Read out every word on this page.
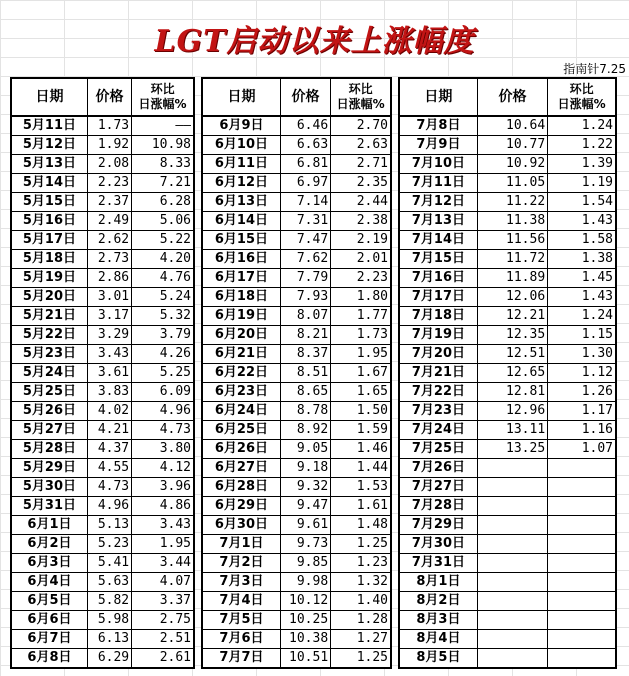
LGT启动以来上涨幅度
指南针7.25
日期	价格	环比
日涨幅%
5月11日	1.73	——
5月12日	1.92	10.98
5月13日	2.08	8.33
5月14日	2.23	7.21
5月15日	2.37	6.28
5月16日	2.49	5.06
5月17日	2.62	5.22
5月18日	2.73	4.20
5月19日	2.86	4.76
5月20日	3.01	5.24
5月21日	3.17	5.32
5月22日	3.29	3.79
5月23日	3.43	4.26
5月24日	3.61	5.25
5月25日	3.83	6.09
5月26日	4.02	4.96
5月27日	4.21	4.73
5月28日	4.37	3.80
5月29日	4.55	4.12
5月30日	4.73	3.96
5月31日	4.96	4.86
6月1日	5.13	3.43
6月2日	5.23	1.95
6月3日	5.41	3.44
6月4日	5.63	4.07
6月5日	5.82	3.37
6月6日	5.98	2.75
6月7日	6.13	2.51
6月8日	6.29	2.61
日期	价格	环比
日涨幅%
6月9日	6.46	2.70
6月10日	6.63	2.63
6月11日	6.81	2.71
6月12日	6.97	2.35
6月13日	7.14	2.44
6月14日	7.31	2.38
6月15日	7.47	2.19
6月16日	7.62	2.01
6月17日	7.79	2.23
6月18日	7.93	1.80
6月19日	8.07	1.77
6月20日	8.21	1.73
6月21日	8.37	1.95
6月22日	8.51	1.67
6月23日	8.65	1.65
6月24日	8.78	1.50
6月25日	8.92	1.59
6月26日	9.05	1.46
6月27日	9.18	1.44
6月28日	9.32	1.53
6月29日	9.47	1.61
6月30日	9.61	1.48
7月1日	9.73	1.25
7月2日	9.85	1.23
7月3日	9.98	1.32
7月4日	10.12	1.40
7月5日	10.25	1.28
7月6日	10.38	1.27
7月7日	10.51	1.25
日期	价格	环比
日涨幅%
7月8日	10.64	1.24
7月9日	10.77	1.22
7月10日	10.92	1.39
7月11日	11.05	1.19
7月12日	11.22	1.54
7月13日	11.38	1.43
7月14日	11.56	1.58
7月15日	11.72	1.38
7月16日	11.89	1.45
7月17日	12.06	1.43
7月18日	12.21	1.24
7月19日	12.35	1.15
7月20日	12.51	1.30
7月21日	12.65	1.12
7月22日	12.81	1.26
7月23日	12.96	1.17
7月24日	13.11	1.16
7月25日	13.25	1.07
7月26日		
7月27日		
7月28日		
7月29日		
7月30日		
7月31日		
8月1日		
8月2日		
8月3日		
8月4日		
8月5日		
